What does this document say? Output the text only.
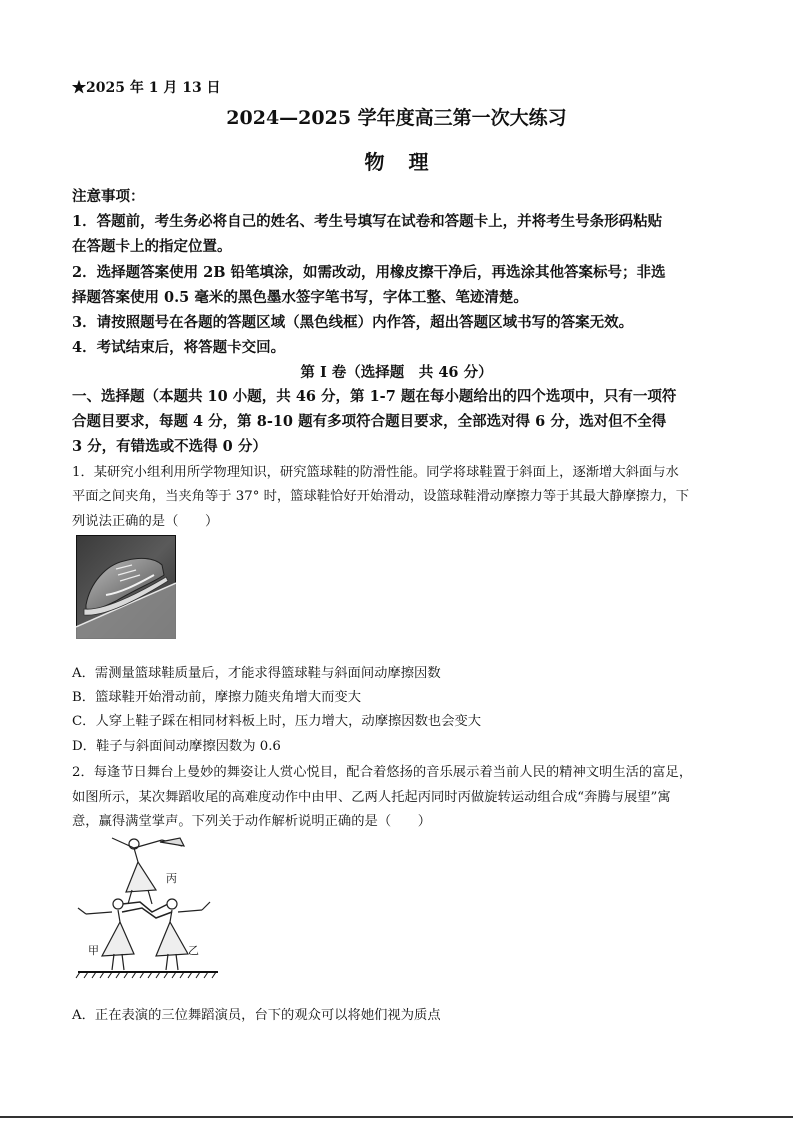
★2025 年 1 月 13 日
2024—2025 学年度高三第一次大练习
物理
注意事项：
1．答题前，考生务必将自己的姓名、考生号填写在试卷和答题卡上，并将考生号条形码粘贴
在答题卡上的指定位置。
2．选择题答案使用 2B 铅笔填涂，如需改动，用橡皮擦干净后，再选涂其他答案标号；非选
择题答案使用 0.5 毫米的黑色墨水签字笔书写，字体工整、笔迹清楚。
3．请按照题号在各题的答题区域（黑色线框）内作答，超出答题区域书写的答案无效。
4．考试结束后，将答题卡交回。
第 I 卷（选择题　共 46 分）
一、选择题（本题共 10 小题，共 46 分，第 1-7 题在每小题给出的四个选项中，只有一项符
合题目要求，每题 4 分，第 8-10 题有多项符合题目要求，全部选对得 6 分，选对但不全得
3 分，有错选或不选得 0 分）
1．某研究小组利用所学物理知识，研究篮球鞋的防滑性能。同学将球鞋置于斜面上，逐渐增大斜面与水
平面之间夹角，当夹角等于 37° 时，篮球鞋恰好开始滑动，设篮球鞋滑动摩擦力等于其最大静摩擦力，下
列说法正确的是（　　）
A．需测量篮球鞋质量后，才能求得篮球鞋与斜面间动摩擦因数
B．篮球鞋开始滑动前，摩擦力随夹角增大而变大
C．人穿上鞋子踩在相同材料板上时，压力增大，动摩擦因数也会变大
D．鞋子与斜面间动摩擦因数为 0.6
2．每逢节日舞台上曼妙的舞姿让人赏心悦目，配合着悠扬的音乐展示着当前人民的精神文明生活的富足，
如图所示，某次舞蹈收尾的高难度动作中由甲、乙两人托起丙同时丙做旋转运动组合成“奔腾与展望”寓
意，赢得满堂掌声。下列关于动作解析说明正确的是（　　）
丙
甲	乙
A．正在表演的三位舞蹈演员，台下的观众可以将她们视为质点
